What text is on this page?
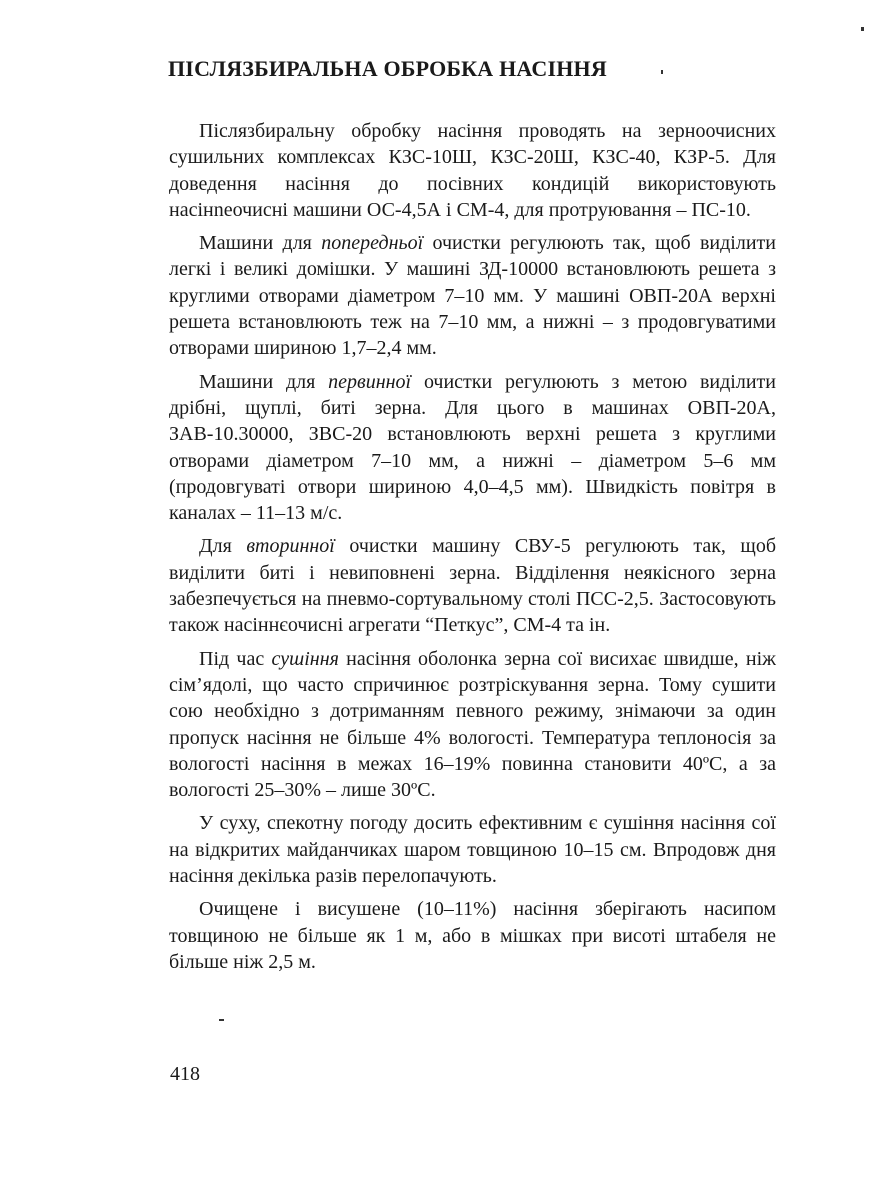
ПІСЛЯЗБИРАЛЬНА ОБРОБКА НАСІННЯ

Післязбиральну обробку насіння проводять на зерноочисних сушильних комплексах КЗС-10Ш, КЗС-20Ш, КЗС-40, КЗР-5. Для доведення насіння до посівних кондицій використовують насінneочисні машини ОС-4,5А і СМ-4, для протруювання – ПС-10.

Машини для попередньої очистки регулюють так, щоб виділити легкі і великі домішки. У машині ЗД-10000 встановлюють решета з круглими отворами діаметром 7–10 мм. У машині ОВП-20А верхні решета встановлюють теж на 7–10 мм, а нижні – з продовгуватими отворами шириною 1,7–2,4 мм.

Машини для первинної очистки регулюють з метою виділити дрібні, щуплі, биті зерна. Для цього в машинах ОВП-20А, ЗАВ-10.30000, ЗВС-20 встановлюють верхні решета з круглими отворами діаметром 7–10 мм, а нижні – діаметром 5–6 мм (продовгуваті отвори шириною 4,0–4,5 мм). Швидкість повітря в каналах – 11–13 м/с.

Для вторинної очистки машину СВУ-5 регулюють так, щоб виділити биті і невиповнені зерна. Відділення неякісного зерна забезпечується на пневмо-сортувальному столі ПСС-2,5. Застосовують також насіннєочисні агрегати “Петкус”, СМ-4 та ін.

Під час сушіння насіння оболонка зерна сої висихає швидше, ніж сім’ядолі, що часто спричинює розтріскування зерна. Тому сушити сою необхідно з дотриманням певного режиму, знімаючи за один пропуск насіння не більше 4% вологості. Температура теплоносія за вологості насіння в межах 16–19% повинна становити 40ºС, а за вологості 25–30% – лише 30ºС.

У суху, спекотну погоду досить ефективним є сушіння насіння сої на відкритих майданчиках шаром товщиною 10–15 см. Впродовж дня насіння декілька разів перелопачують.

Очищене і висушене (10–11%) насіння зберігають насипом товщиною не більше як 1 м, або в мішках при висоті штабеля не більше ніж 2,5 м.

418
